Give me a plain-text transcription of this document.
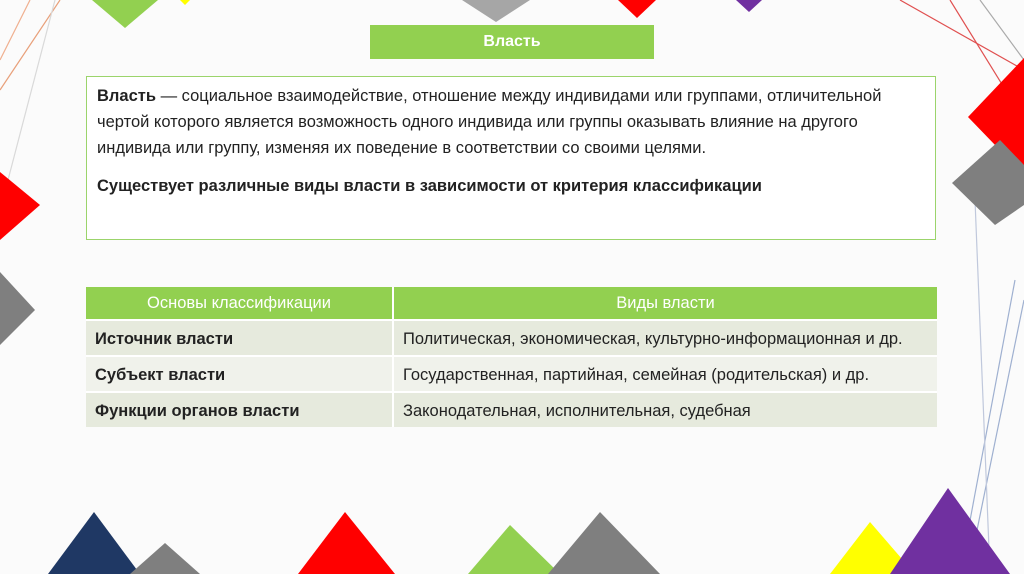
Власть

Власть — социальное взаимодействие, отношение между индивидами или группами, отличительной чертой которого является возможность одного индивида или группы оказывать влияние на другого индивида или группу, изменяя их поведение в соответствии со своими целями.

Существует различные виды власти в зависимости от критерия классификации

Основы классификации	Виды власти
Источник власти	Политическая, экономическая, культурно-информационная и др.
Субъект власти	Государственная, партийная, семейная (родительская) и др.
Функции органов власти	Законодательная, исполнительная, судебная
